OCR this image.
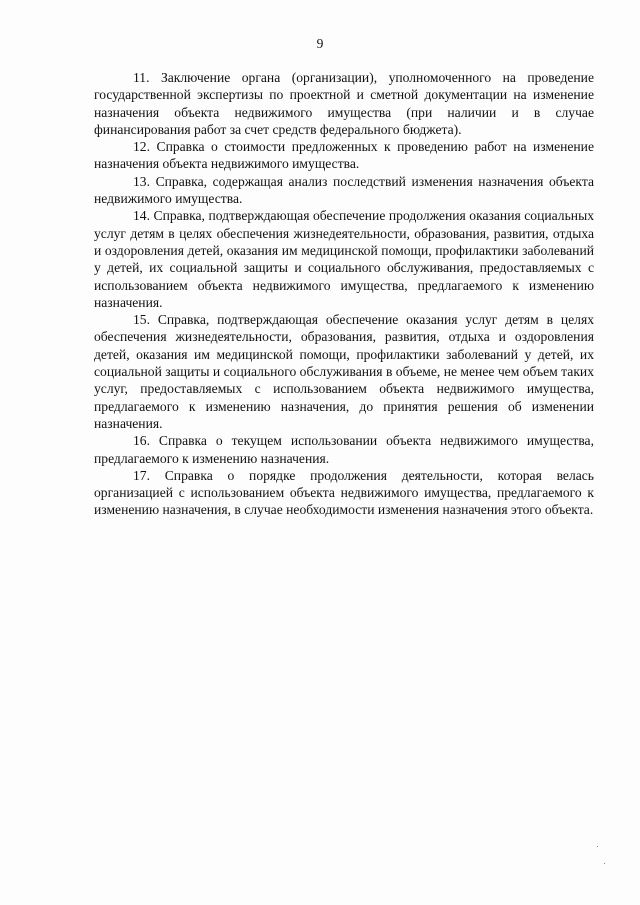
9

11. Заключение органа (организации), уполномоченного на проведение государственной экспертизы по проектной и сметной документации на изменение назначения объекта недвижимого имущества (при наличии и в случае финансирования работ за счет средств федерального бюджета).

12. Справка о стоимости предложенных к проведению работ на изменение назначения объекта недвижимого имущества.

13. Справка, содержащая анализ последствий изменения назначения объекта недвижимого имущества.

14. Справка, подтверждающая обеспечение продолжения оказания социальных услуг детям в целях обеспечения жизнедеятельности, образования, развития, отдыха и оздоровления детей, оказания им медицинской помощи, профилактики заболеваний у детей, их социальной защиты и социального обслуживания, предоставляемых с использованием объекта недвижимого имущества, предлагаемого к изменению назначения.

15. Справка, подтверждающая обеспечение оказания услуг детям в целях обеспечения жизнедеятельности, образования, развития, отдыха и оздоровления детей, оказания им медицинской помощи, профилактики заболеваний у детей, их социальной защиты и социального обслуживания в объеме, не менее чем объем таких услуг, предоставляемых с использованием объекта недвижимого имущества, предлагаемого к изменению назначения, до принятия решения об изменении назначения.

16. Справка о текущем использовании объекта недвижимого имущества, предлагаемого к изменению назначения.

17. Справка о порядке продолжения деятельности, которая велась организацией с использованием объекта недвижимого имущества, предлагаемого к изменению назначения, в случае необходимости изменения назначения этого объекта.
